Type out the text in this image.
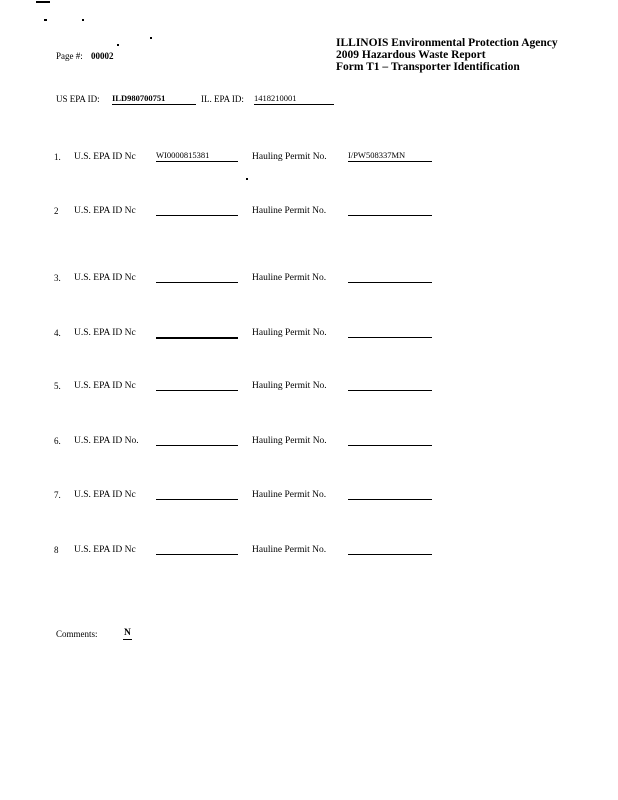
Page #: 00002
ILLINOIS Environmental Protection Agency
2009 Hazardous Waste Report
Form T1 – Transporter Identification
US EPA ID: ILD980700751	IL. EPA ID: 1418210001
1. U.S. EPA ID Nc WI0000815381	Hauling Permit No.	I/PW508337MN
2 U.S. EPA ID Nc	Hauline Permit No.
3. U.S. EPA ID Nc	Hauline Permit No.
4. U.S. EPA ID Nc	Hauling Permit No.
5. U.S. EPA ID Nc	Hauling Permit No.
6. U.S. EPA ID No.	Hauling Permit No.
7. U.S. EPA ID Nc	Hauline Permit No.
8 U.S. EPA ID Nc	Hauline Permit No.
Comments:	N
